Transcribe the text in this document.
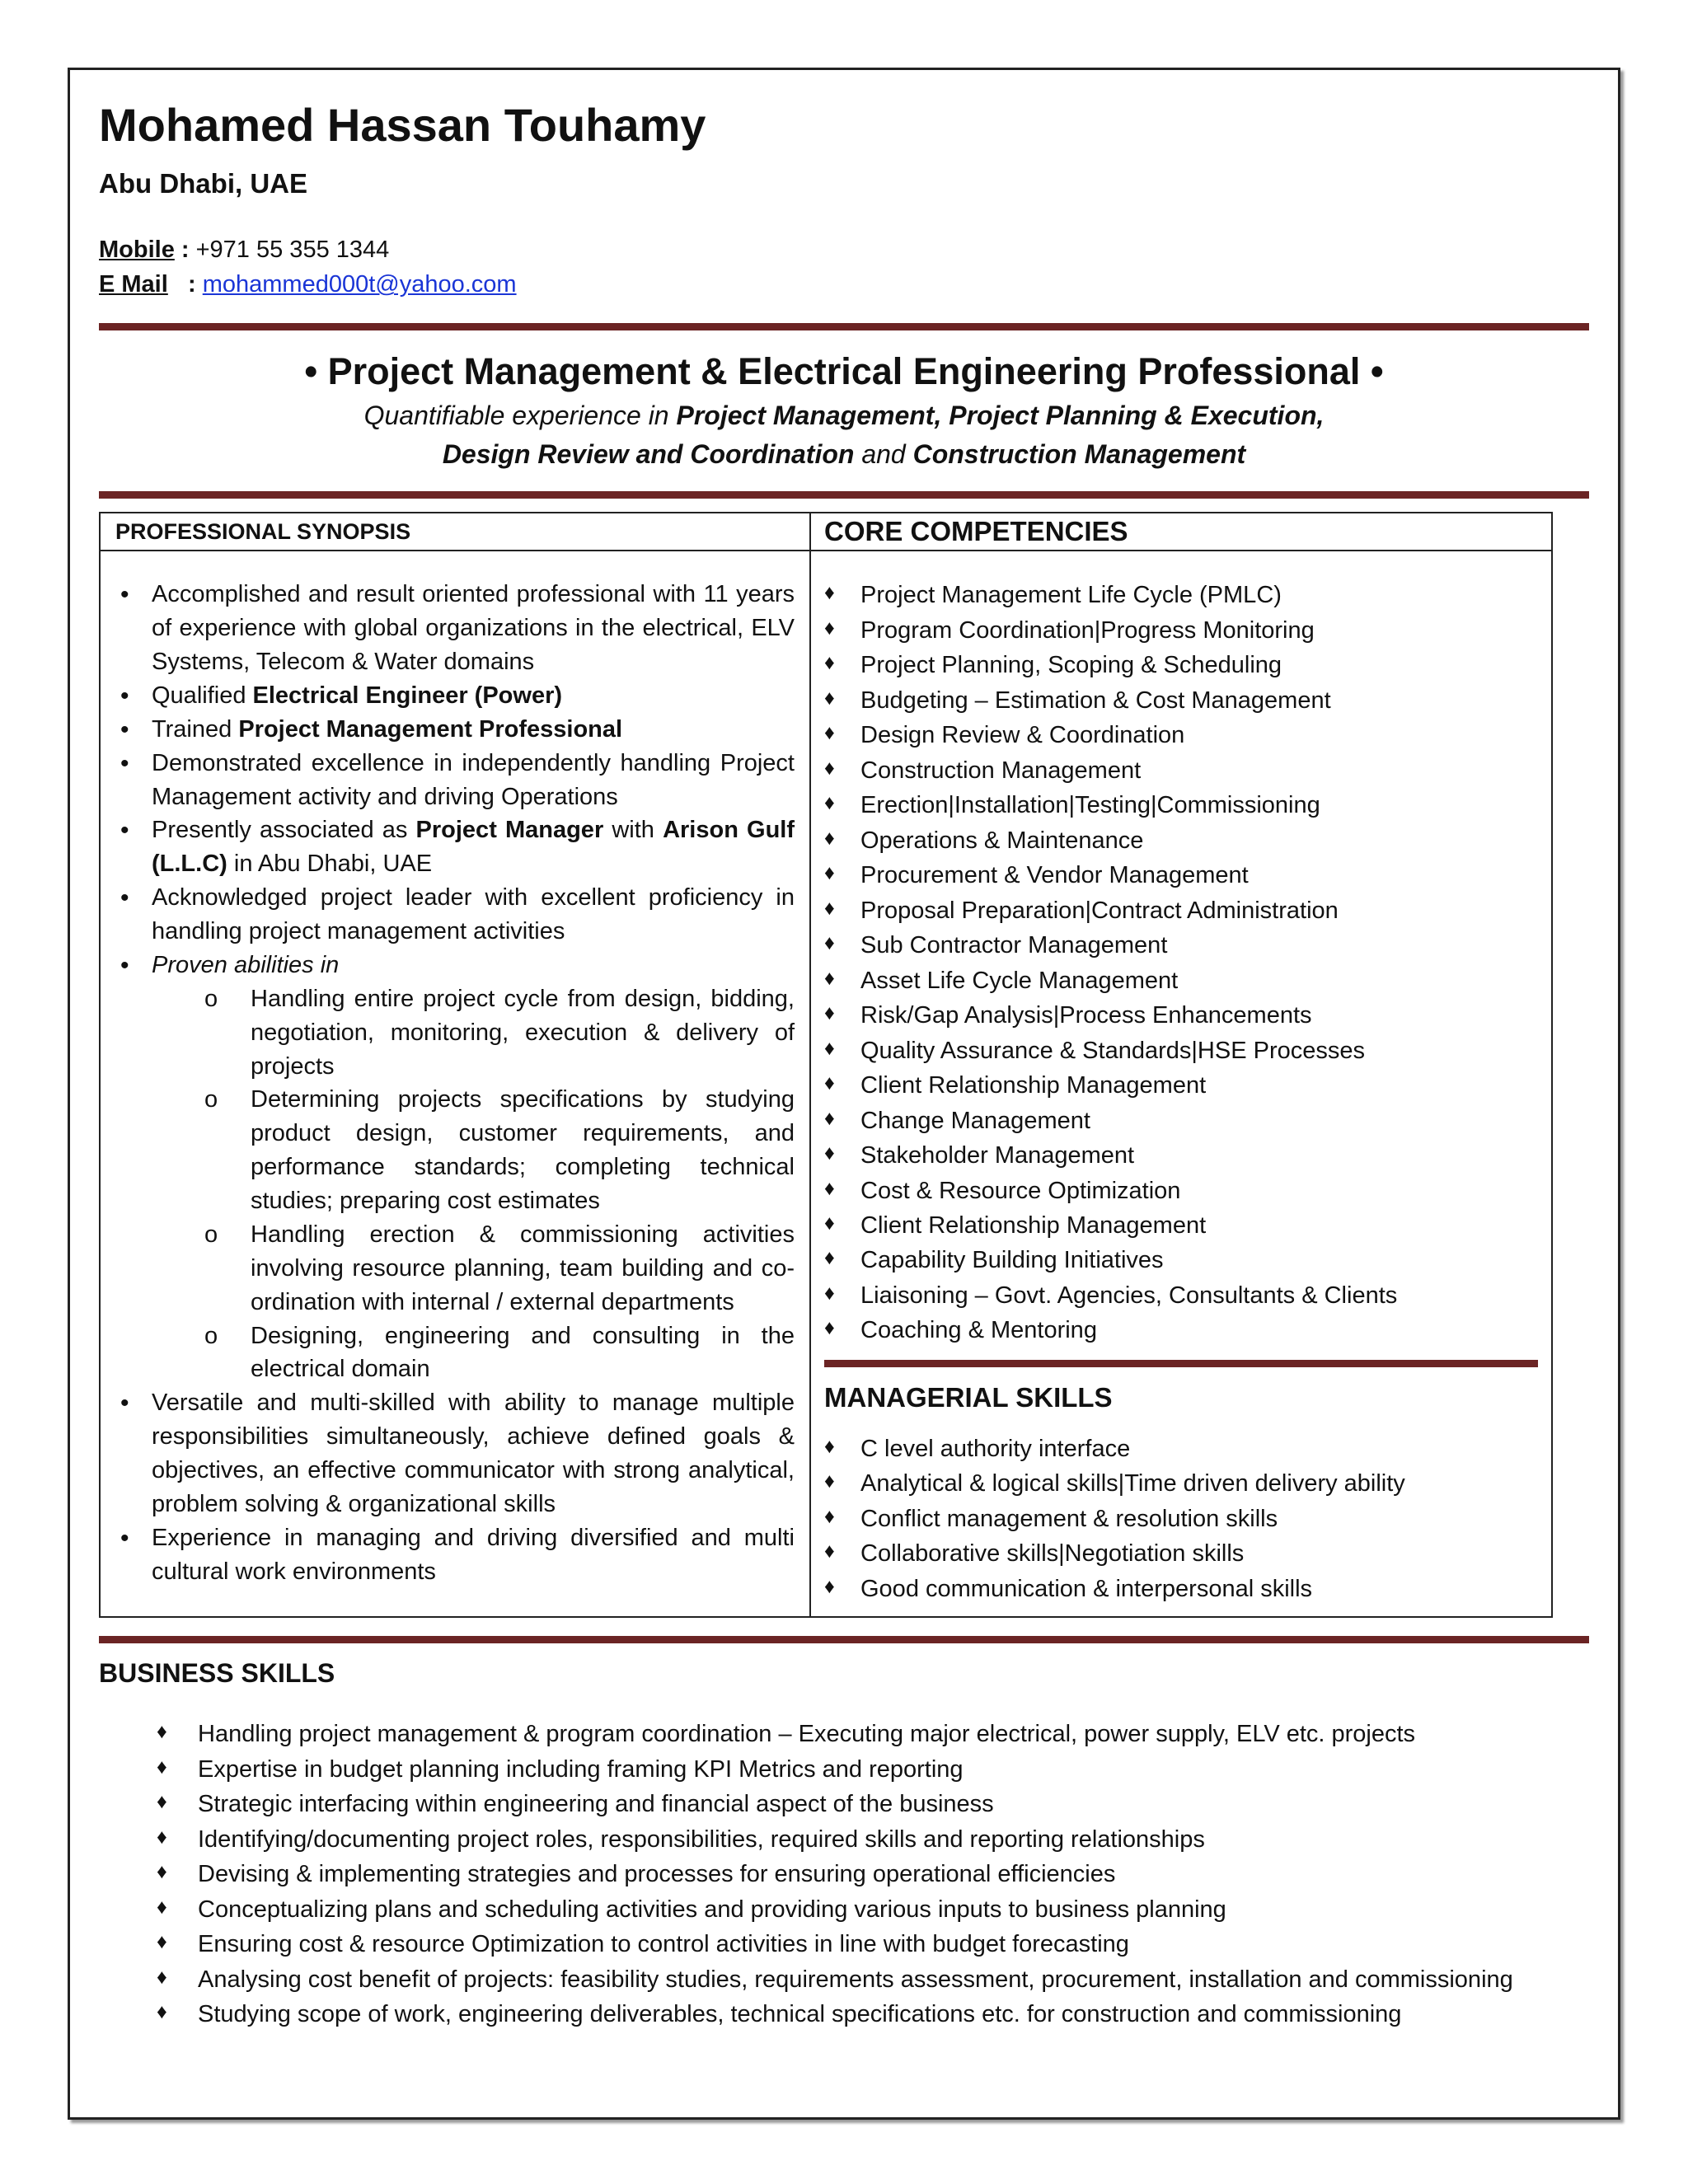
Mohamed Hassan Touhamy
Abu Dhabi, UAE
Mobile : +971 55 355 1344
E Mail   : mohammed000t@yahoo.com
• Project Management & Electrical Engineering Professional •
Quantifiable experience in Project Management, Project Planning & Execution,
Design Review and Coordination and Construction Management
PROFESSIONAL SYNOPSIS
• Accomplished and result oriented professional with 11 years of experience with global organizations in the electrical, ELV Systems, Telecom & Water domains
• Qualified Electrical Engineer (Power)
• Trained Project Management Professional
• Demonstrated excellence in independently handling Project Management activity and driving Operations
• Presently associated as Project Manager with Arison Gulf (L.L.C) in Abu Dhabi, UAE
• Acknowledged project leader with excellent proficiency in handling project management activities
• Proven abilities in
o Handling entire project cycle from design, bidding, negotiation, monitoring, execution & delivery of projects
o Determining projects specifications by studying product design, customer requirements, and performance standards; completing technical studies; preparing cost estimates
o Handling erection & commissioning activities involving resource planning, team building and co-ordination with internal / external departments
o Designing, engineering and consulting in the electrical domain
• Versatile and multi-skilled with ability to manage multiple responsibilities simultaneously, achieve defined goals & objectives, an effective communicator with strong analytical, problem solving & organizational skills
• Experience in managing and driving diversified and multi cultural work environments
CORE COMPETENCIES
♦ Project Management Life Cycle (PMLC)
♦ Program Coordination|Progress Monitoring
♦ Project Planning, Scoping & Scheduling
♦ Budgeting – Estimation & Cost Management
♦ Design Review & Coordination
♦ Construction Management
♦ Erection|Installation|Testing|Commissioning
♦ Operations & Maintenance
♦ Procurement & Vendor Management
♦ Proposal Preparation|Contract Administration
♦ Sub Contractor Management
♦ Asset Life Cycle Management
♦ Risk/Gap Analysis|Process Enhancements
♦ Quality Assurance & Standards|HSE Processes
♦ Client Relationship Management
♦ Change Management
♦ Stakeholder Management
♦ Cost & Resource Optimization
♦ Client Relationship Management
♦ Capability Building Initiatives
♦ Liaisoning – Govt. Agencies, Consultants & Clients
♦ Coaching & Mentoring
MANAGERIAL SKILLS
♦ C level authority interface
♦ Analytical & logical skills|Time driven delivery ability
♦ Conflict management & resolution skills
♦ Collaborative skills|Negotiation skills
♦ Good communication & interpersonal skills
BUSINESS SKILLS
♦ Handling project management & program coordination – Executing major electrical, power supply, ELV etc. projects
♦ Expertise in budget planning including framing KPI Metrics and reporting
♦ Strategic interfacing within engineering and financial aspect of the business
♦ Identifying/documenting project roles, responsibilities, required skills and reporting relationships
♦ Devising & implementing strategies and processes for ensuring operational efficiencies
♦ Conceptualizing plans and scheduling activities and providing various inputs to business planning
♦ Ensuring cost & resource Optimization to control activities in line with budget forecasting
♦ Analysing cost benefit of projects: feasibility studies, requirements assessment, procurement, installation and commissioning
♦ Studying scope of work, engineering deliverables, technical specifications etc. for construction and commissioning
